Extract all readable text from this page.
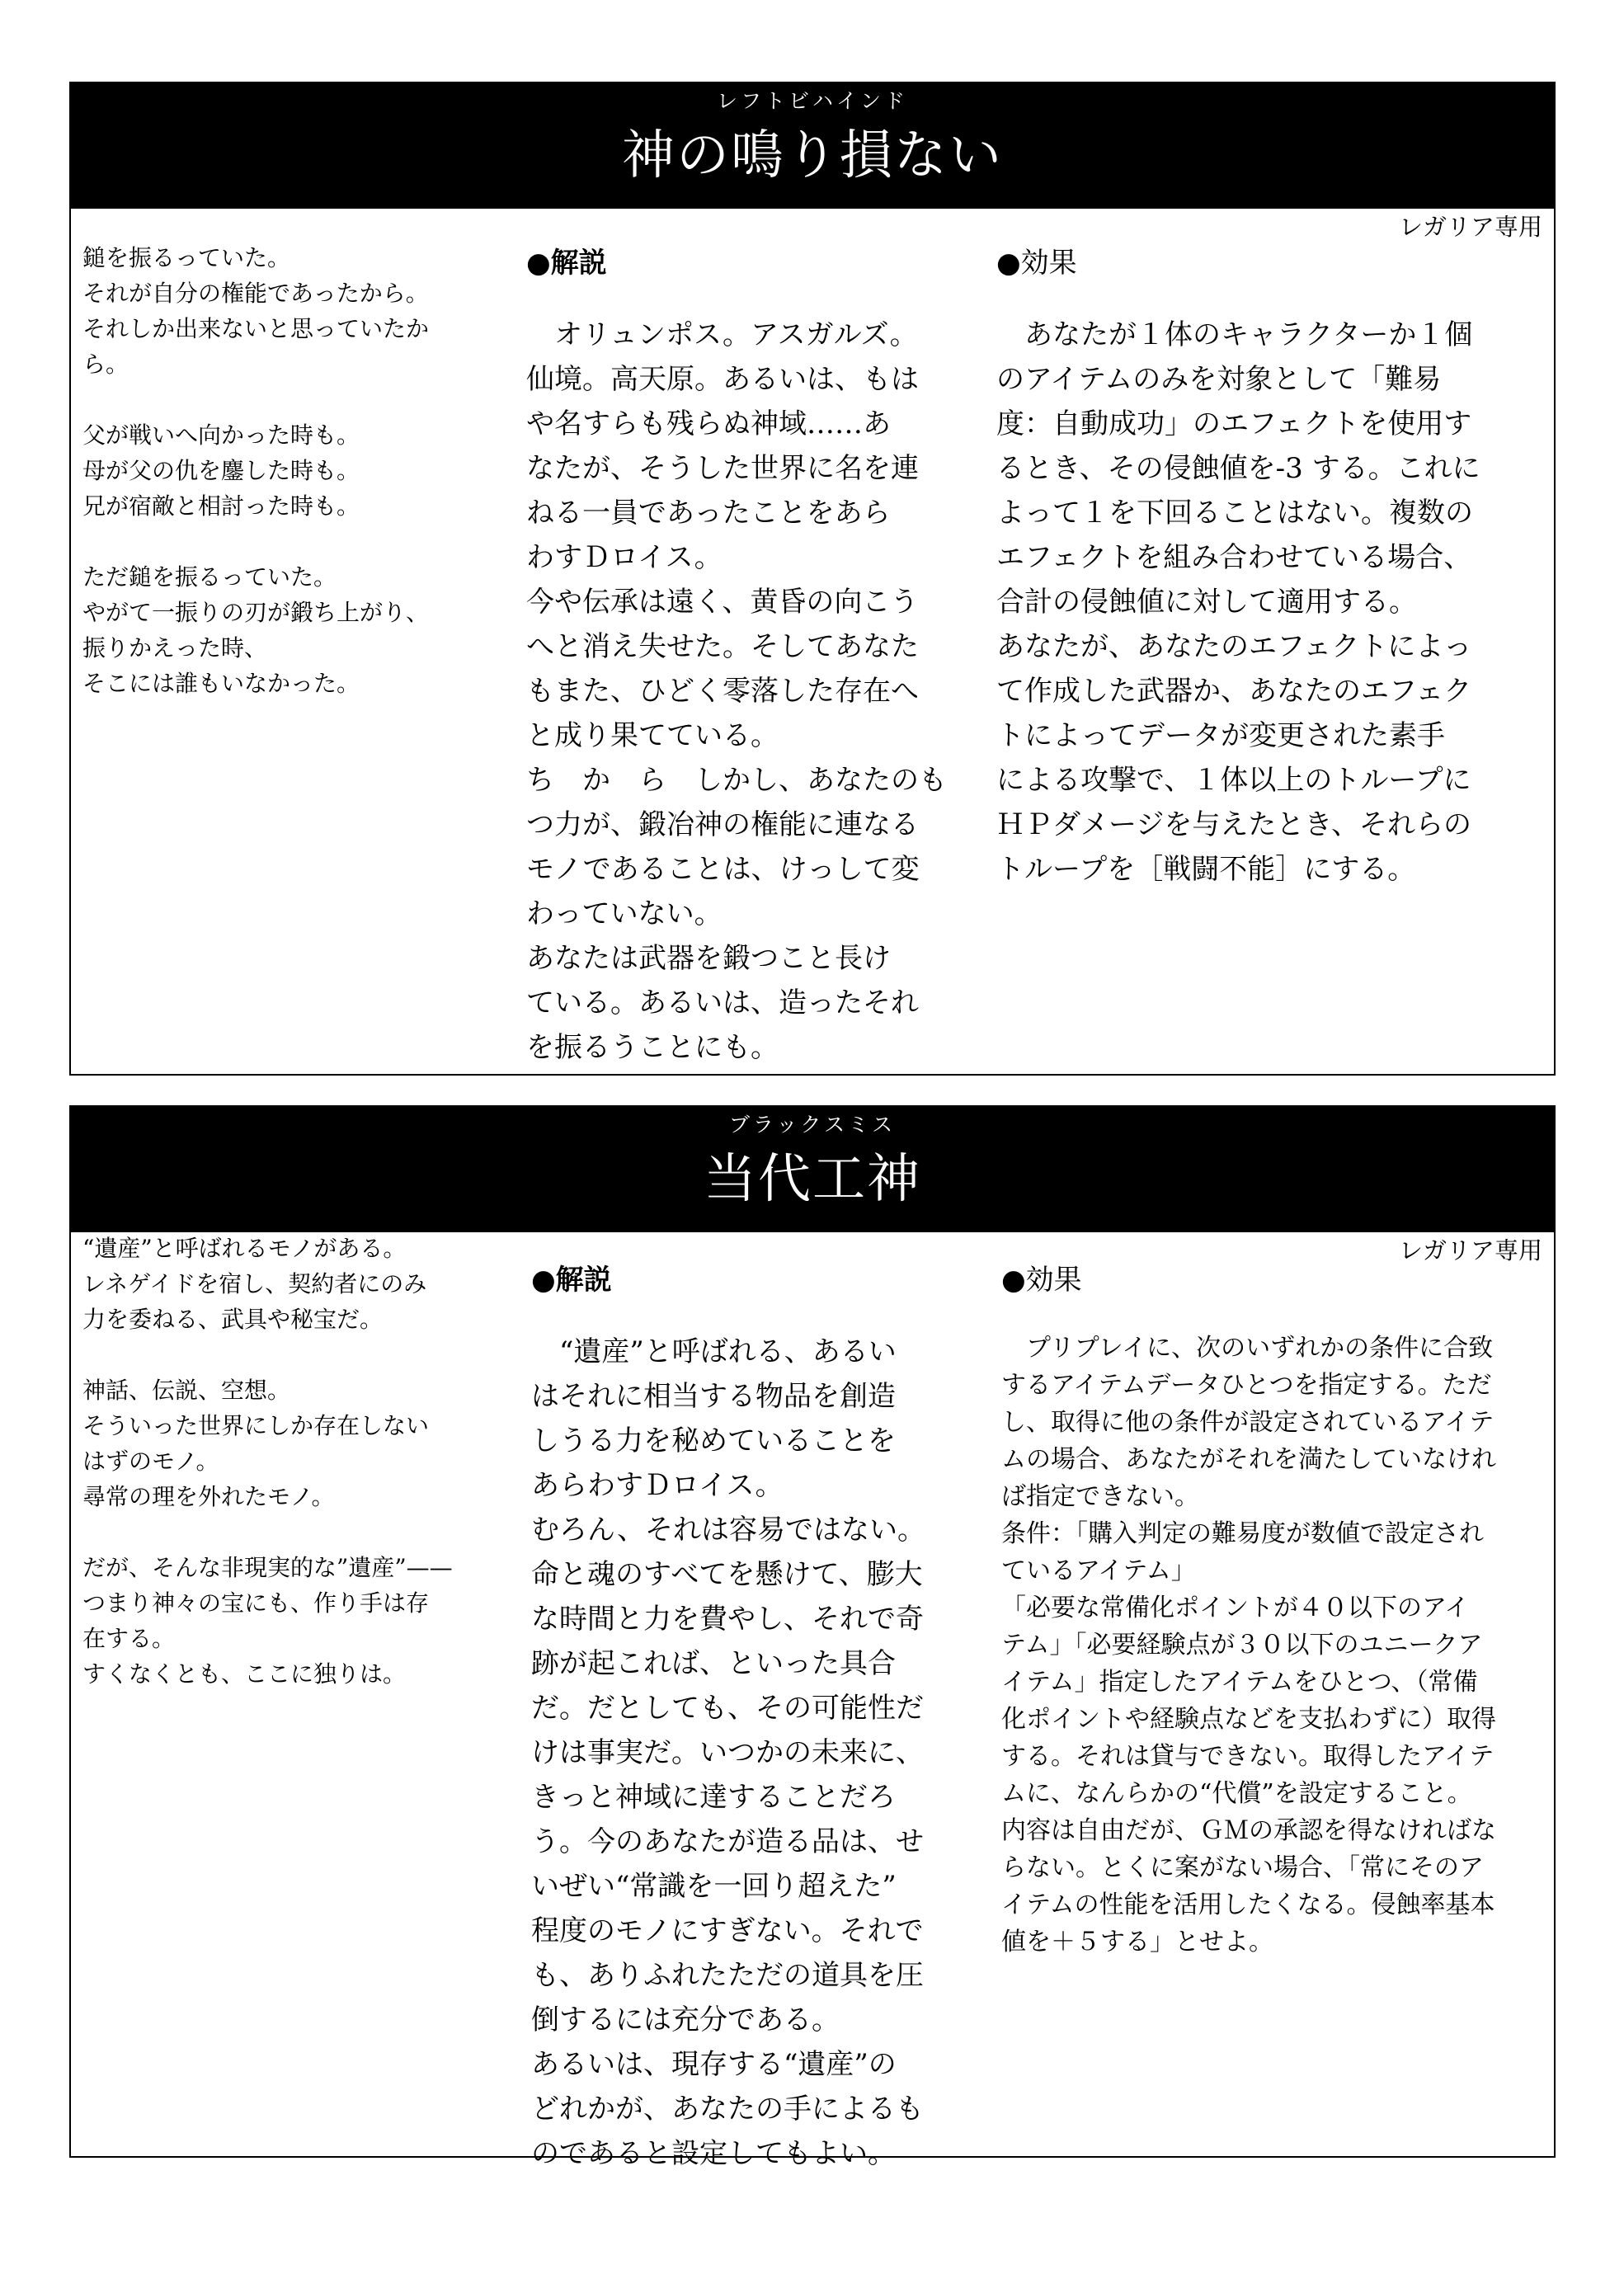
レフトビハインド
神の鳴り損ない
レガリア専用
鎚を振るっていた。
それが自分の権能であったから。
それしか出来ないと思っていたか
ら。

父が戦いへ向かった時も。
母が父の仇を鏖した時も。
兄が宿敵と相討った時も。

ただ鎚を振るっていた。
やがて一振りの刃が鍛ち上がり、
振りかえった時、
そこには誰もいなかった。

●解説

　オリュンポス。アスガルズ。
仙境。高天原。あるいは、もは
や名すらも残らぬ神域……あ
なたが、そうした世界に名を連
ねる一員であったことをあら
わすＤロイス。
今や伝承は遠く、黄昏の向こう
へと消え失せた。そしてあなた
もまた、ひどく零落した存在へ
と成り果てている。
ち　か　ら　しかし、あなたのも
つ力が、鍛冶神の権能に連なる
モノであることは、けっして変
わっていない。
あなたは武器を鍛つこと長け
ている。あるいは、造ったそれ
を振るうことにも。

●効果

　あなたが１体のキャラクターか１個
のアイテムのみを対象として「難易
度：自動成功」のエフェクトを使用す
るとき、その侵蝕値を-3 する。これに
よって１を下回ることはない。複数の
エフェクトを組み合わせている場合、
合計の侵蝕値に対して適用する。
あなたが、あなたのエフェクトによっ
て作成した武器か、あなたのエフェク
トによってデータが変更された素手
による攻撃で、１体以上のトループに
ＨＰダメージを与えたとき、それらの
トループを［戦闘不能］にする。

ブラックスミス
当代工神
レガリア専用
“遺産”と呼ばれるモノがある。
レネゲイドを宿し、契約者にのみ
力を委ねる、武具や秘宝だ。

神話、伝説、空想。
そういった世界にしか存在しない
はずのモノ。
尋常の理を外れたモノ。

だが、そんな非現実的な”遺産”——
つまり神々の宝にも、作り手は存
在する。
すくなくとも、ここに独りは。

●解説

　“遺産”と呼ばれる、あるい
はそれに相当する物品を創造
しうる力を秘めていることを
あらわすＤロイス。
むろん、それは容易ではない。
命と魂のすべてを懸けて、膨大
な時間と力を費やし、それで奇
跡が起これば、といった具合
だ。だとしても、その可能性だ
けは事実だ。いつかの未来に、
きっと神域に達することだろ
う。今のあなたが造る品は、せ
いぜい“常識を一回り超えた”
程度のモノにすぎない。それで
も、ありふれたただの道具を圧
倒するには充分である。
あるいは、現存する“遺産”の
どれかが、あなたの手によるも
のであると設定してもよい。

●効果

　プリプレイに、次のいずれかの条件に合致
するアイテムデータひとつを指定する。ただ
し、取得に他の条件が設定されているアイテ
ムの場合、あなたがそれを満たしていなけれ
ば指定できない。
条件：「購入判定の難易度が数値で設定され
ているアイテム」
「必要な常備化ポイントが４０以下のアイ
テム」「必要経験点が３０以下のユニークア
イテム」指定したアイテムをひとつ、（常備
化ポイントや経験点などを支払わずに）取得
する。それは貸与できない。取得したアイテ
ムに、なんらかの“代償”を設定すること。
内容は自由だが、ＧＭの承認を得なければな
らない。とくに案がない場合、「常にそのア
イテムの性能を活用したくなる。侵蝕率基本
値を＋５する」とせよ。
